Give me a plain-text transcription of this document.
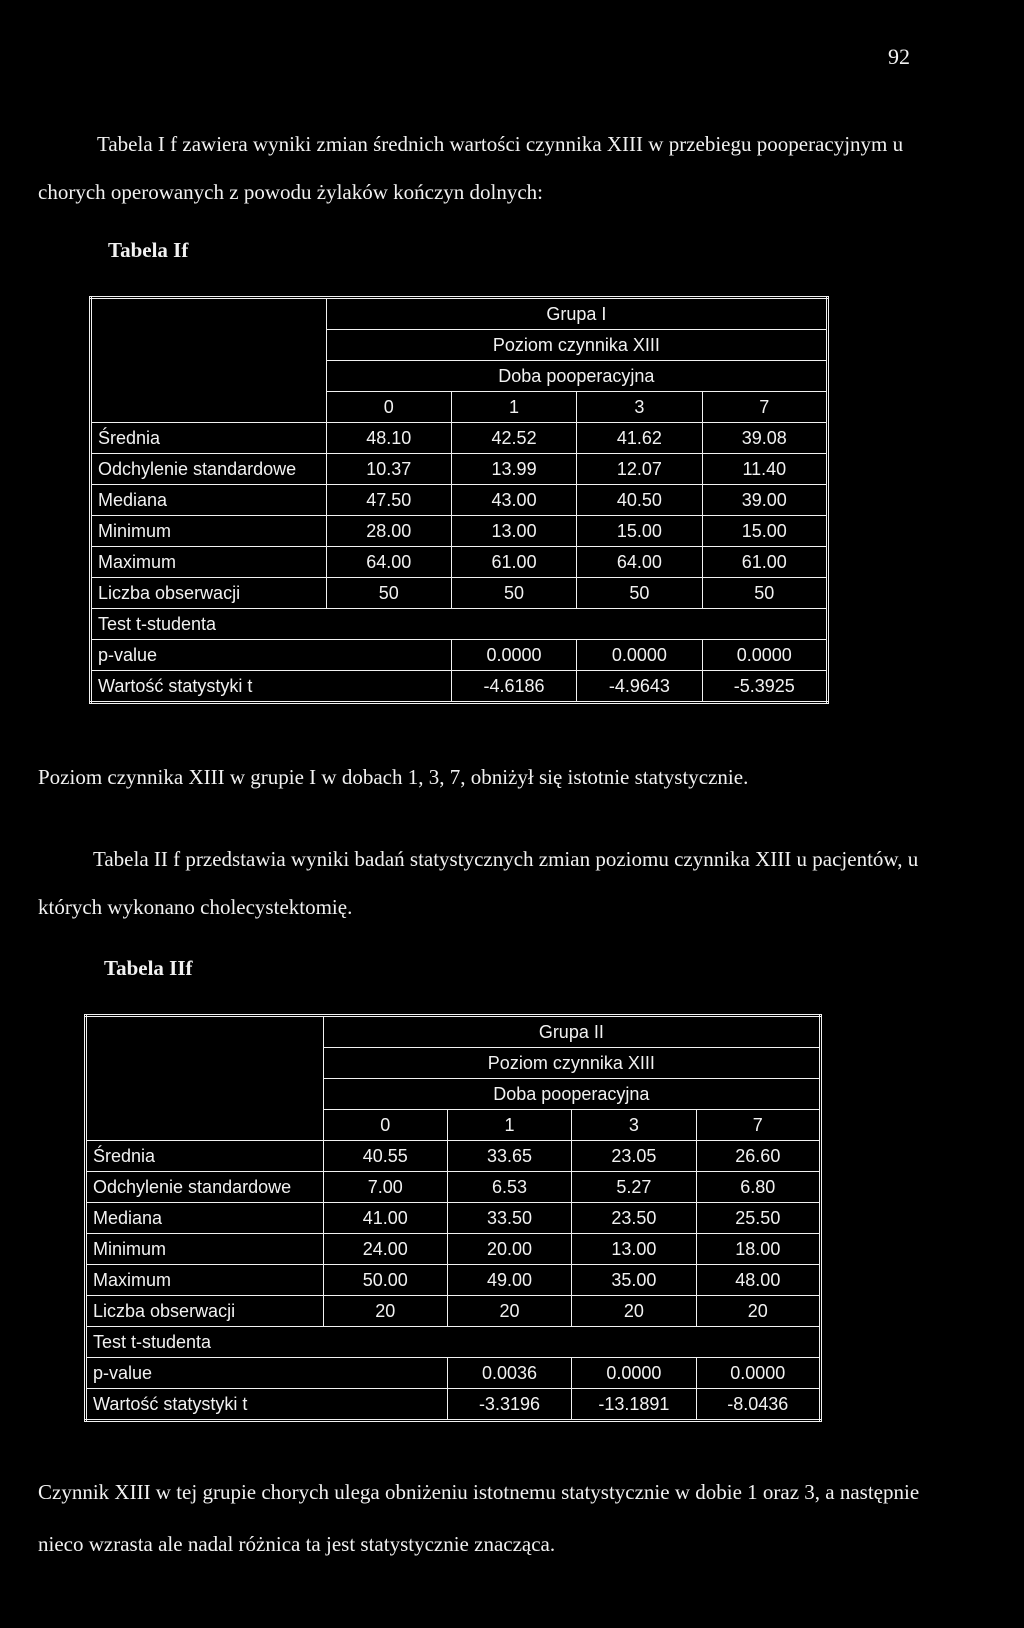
92

Tabela I f zawiera wyniki zmian średnich wartości czynnika XIII w przebiegu pooperacyjnym u chorych operowanych z powodu żylaków kończyn dolnych:

Tabela If
	Grupa I			
	Poziom czynnika XIII			
	Doba pooperacyjna			
	0	1	3	7
Średnia	48.10	42.52	41.62	39.08
Odchylenie standardowe	10.37	13.99	12.07	11.40
Mediana	47.50	43.00	40.50	39.00
Minimum	28.00	13.00	15.00	15.00
Maximum	64.00	61.00	64.00	61.00
Liczba obserwacji	50	50	50	50
Test t-studenta				
p-value		0.0000	0.0000	0.0000
Wartość statystyki t		-4.6186	-4.9643	-5.3925
Poziom czynnika XIII w grupie I w dobach 1, 3, 7, obniżył się istotnie statystycznie.

Tabela II f przedstawia wyniki badań statystycznych zmian poziomu czynnika XIII u pacjentów, u których wykonano cholecystektomię.

Tabela IIf
	Grupa II			
	Poziom czynnika XIII			
	Doba pooperacyjna			
	0	1	3	7
Średnia	40.55	33.65	23.05	26.60
Odchylenie standardowe	7.00	6.53	5.27	6.80
Mediana	41.00	33.50	23.50	25.50
Minimum	24.00	20.00	13.00	18.00
Maximum	50.00	49.00	35.00	48.00
Liczba obserwacji	20	20	20	20
Test t-studenta				
p-value		0.0036	0.0000	0.0000
Wartość statystyki t		-3.3196	-13.1891	-8.0436

Czynnik XIII w tej grupie chorych ulega obniżeniu istotnemu statystycznie w dobie 1 oraz 3, a następnie nieco wzrasta ale nadal różnica ta jest statystycznie znacząca.
